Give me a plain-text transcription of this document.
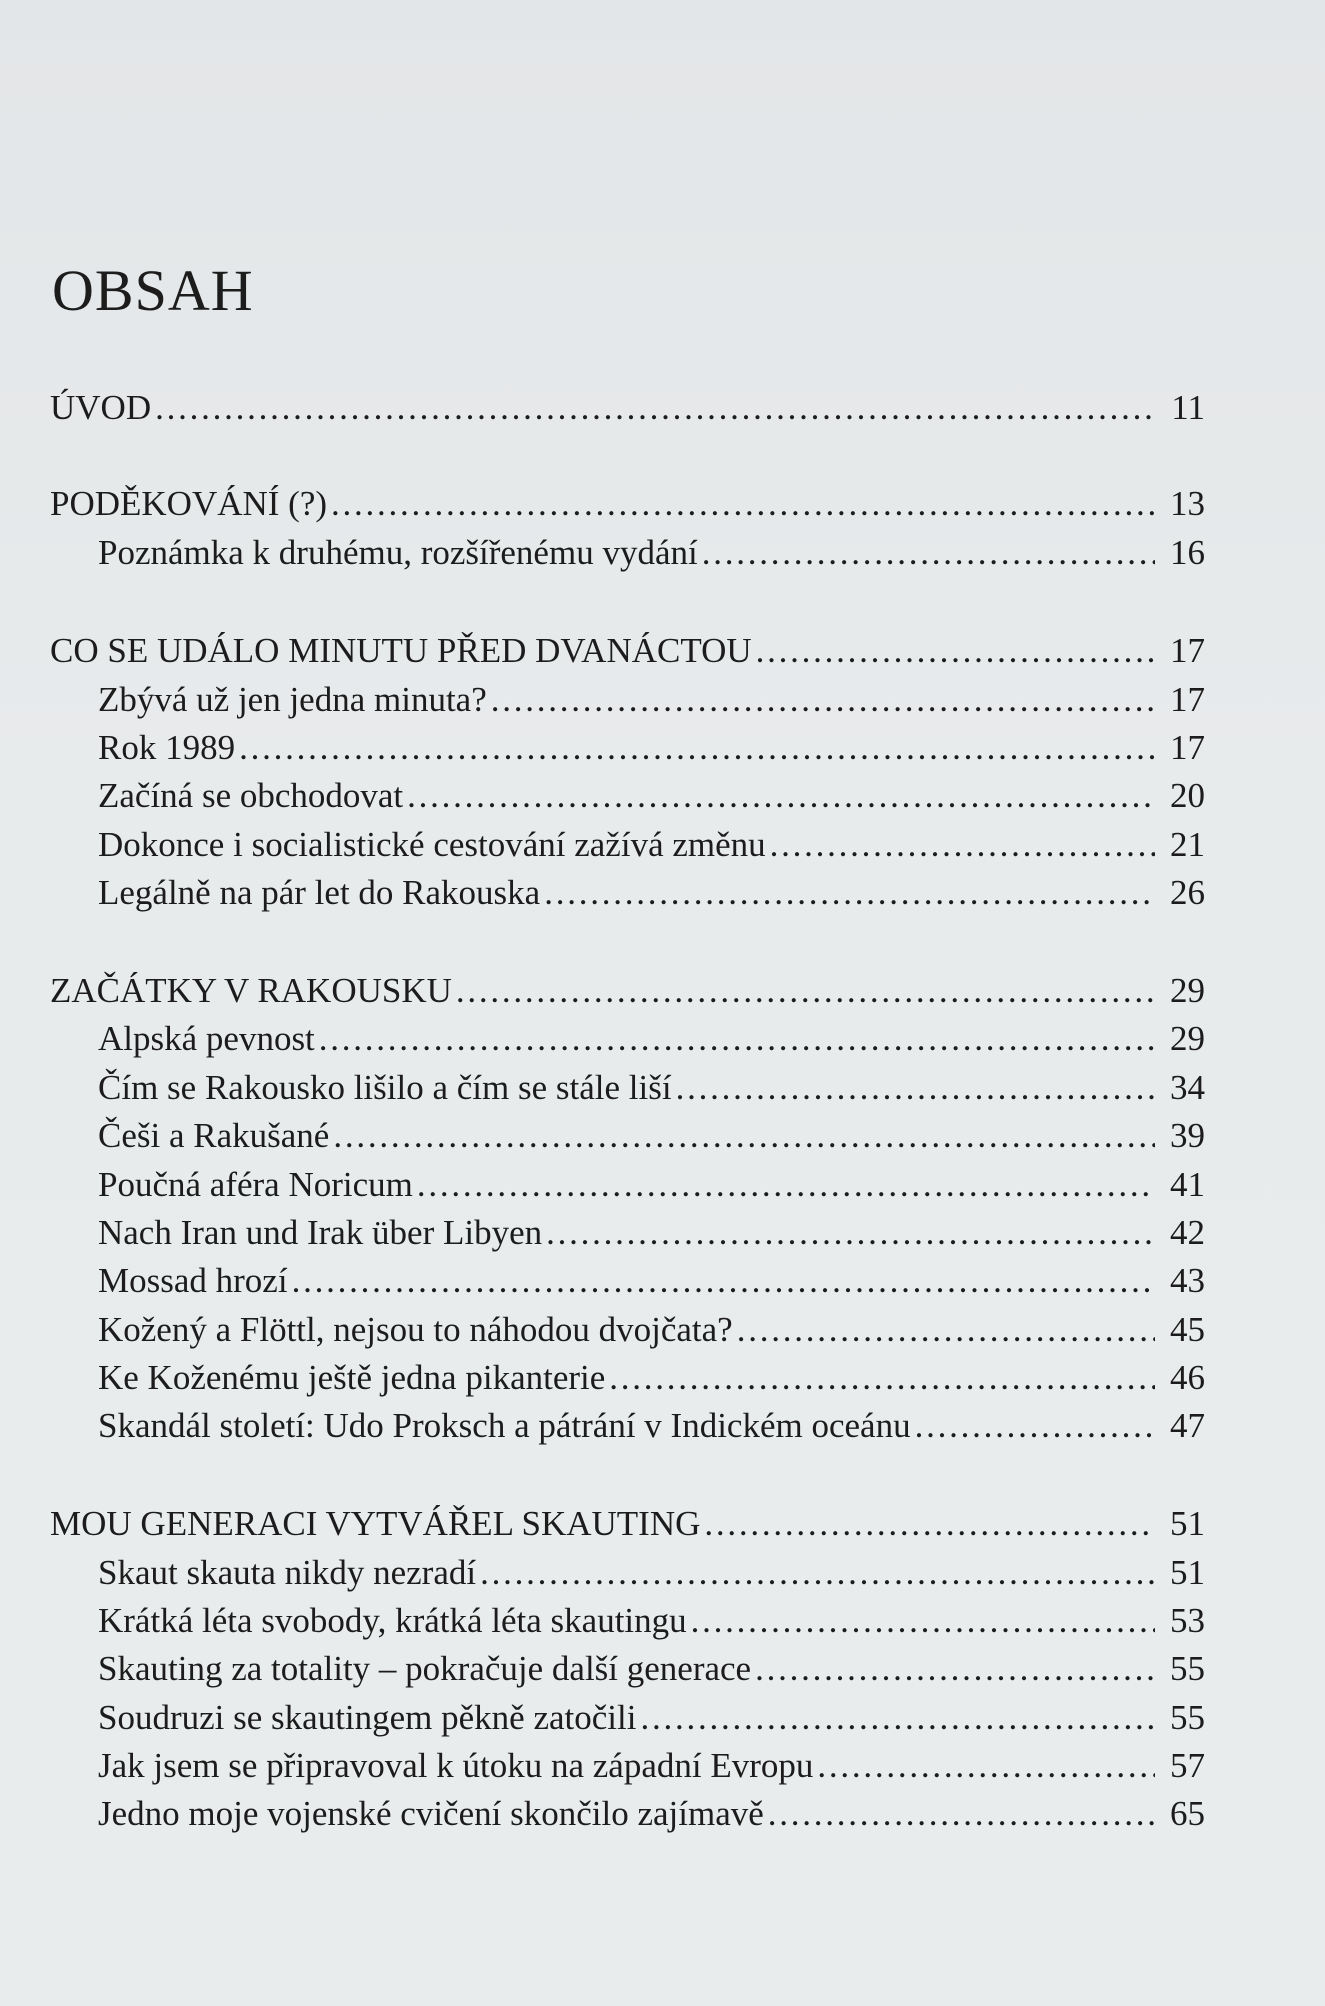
OBSAH
ÚVOD . . .	11
PODĚKOVÁNÍ (?) . . .	13
Poznámka k druhému, rozšířenému vydání . . .	16
CO SE UDÁLO MINUTU PŘED DVANÁCTOU . . .	17
Zbývá už jen jedna minuta? . . .	17
Rok 1989 . . .	17
Začíná se obchodovat . . .	20
Dokonce i socialistické cestování zažívá změnu . . .	21
Legálně na pár let do Rakouska . . .	26
ZAČÁTKY V RAKOUSKU . . .	29
Alpská pevnost . . .	29
Čím se Rakousko lišilo a čím se stále liší . . .	34
Češi a Rakušané . . .	39
Poučná aféra Noricum . . .	41
Nach Iran und Irak über Libyen . . .	42
Mossad hrozí . . .	43
Kožený a Flöttl, nejsou to náhodou dvojčata? . . .	45
Ke Koženému ještě jedna pikanterie . . .	46
Skandál století: Udo Proksch a pátrání v Indickém oceánu . . .	47
MOU GENERACI VYTVÁŘEL SKAUTING . . .	51
Skaut skauta nikdy nezradí . . .	51
Krátká léta svobody, krátká léta skautingu . . .	53
Skauting za totality – pokračuje další generace . . .	55
Soudruzi se skautingem pěkně zatočili . . .	55
Jak jsem se připravoval k útoku na západní Evropu . . .	57
Jedno moje vojenské cvičení skončilo zajímavě . . .	65
